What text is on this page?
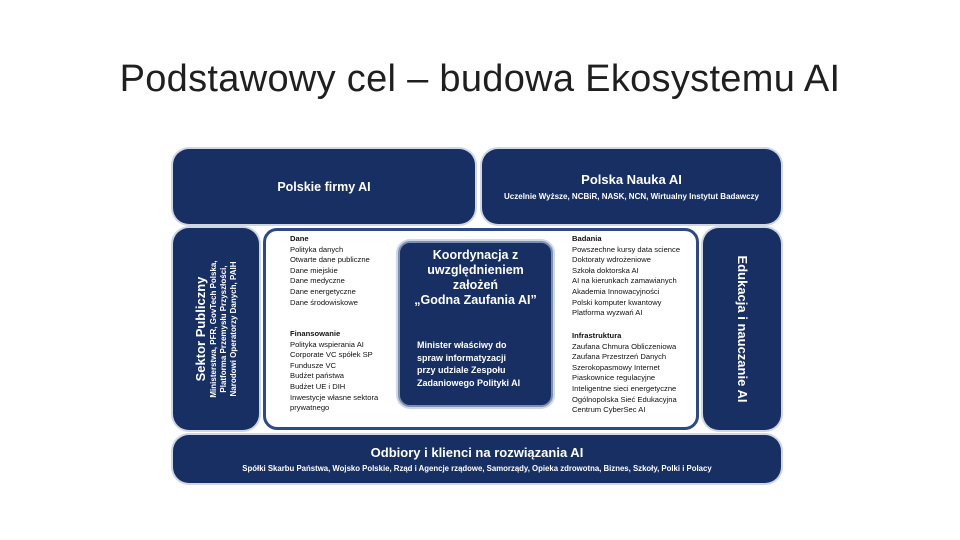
Podstawowy cel – budowa Ekosystemu AI
Polskie firmy AI	Polska Nauka AI
Uczelnie Wyższe, NCBiR, NASK, NCN, Wirtualny Instytut Badawczy
Sektor Publiczny Ministerstwa, PFR, GovTech Polska, Platforma Przemysłu Przyszłości, Narodowi Operatorzy Danych, PAIH	Edukacja i nauczanie AI
Dane
Polityka danych
Otwarte dane publiczne
Dane miejskie
Dane medyczne
Dane energetyczne
Dane środowiskowe
Finansowanie
Polityka wspierania AI
Corporate VC spółek SP
Fundusze VC
Budżet państwa
Budżet UE i DIH
Inwestycje własne sektora
prywatnego
Koordynacja z
uwzględnieniem
założeń
„Godna Zaufania AI”
Minister właściwy do
spraw informatyzacji
przy udziale Zespołu
Zadaniowego Polityki AI
Badania
Powszechne kursy data science
Doktoraty wdrożeniowe
Szkoła doktorska AI
AI na kierunkach zamawianych
Akademia Innowacyjności
Polski komputer kwantowy
Platforma wyzwań AI
Infrastruktura
Zaufana Chmura Obliczeniowa
Zaufana Przestrzeń Danych
Szerokopasmowy Internet
Piaskownice regulacyjne
Inteligentne sieci energetyczne
Ogólnopolska Sieć Edukacyjna
Centrum CyberSec AI
Odbiory i klienci na rozwiązania AI
Spółki Skarbu Państwa, Wojsko Polskie, Rząd i Agencje rządowe, Samorządy, Opieka zdrowotna, Biznes, Szkoły, Polki i Polacy
